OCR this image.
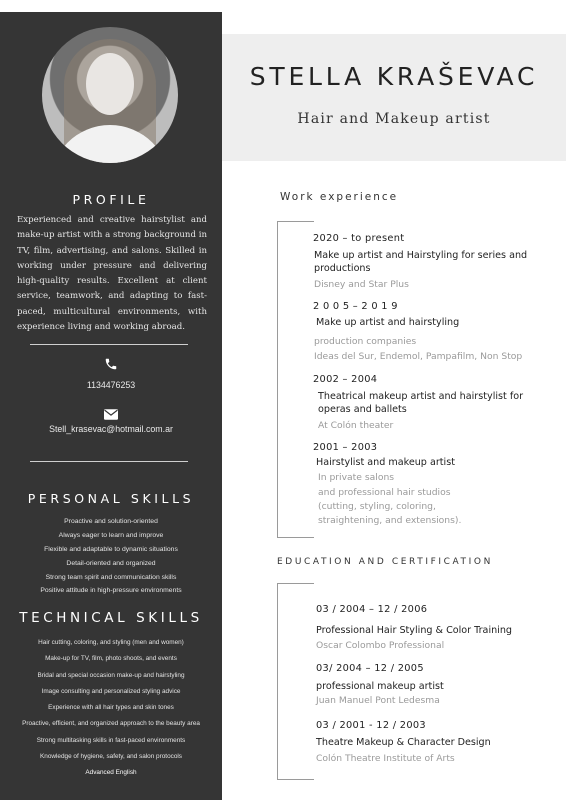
PROFILE

Experienced and creative hairstylist and make-up artist with a strong background in TV, film, advertising, and salons. Skilled in working under pressure and delivering high-quality results. Excellent at client service, teamwork, and adapting to fast-paced, multicultural environments, with experience living and working abroad.

1134476253
Stell_krasevac@hotmail.com.ar
PERSONAL SKILLS
Proactive and solution-oriented
Always eager to learn and improve
Flexible and adaptable to dynamic situations
Detail-oriented and organized
Strong team spirit and communication skills
Positive attitude in high-pressure environments
TECHNICAL SKILLS
Hair cutting, coloring, and styling (men and women)
Make-up for TV, film, photo shoots, and events
Bridal and special occasion make-up and hairstyling
Image consulting and personalized styling advice
Experience with all hair types and skin tones
Proactive, efficient, and organized approach to the beauty area
Strong multitasking skills in fast-paced environments
Knowledge of hygiene, safety, and salon protocols
Advanced English
STELLA KRAŠEVAC
Hair and Makeup artist
Work experience
2020 – to present
Make up artist and Hairstyling for series and
productions
Disney and Star Plus
2 0 0 5 – 2 0 1 9
Make up artist and hairstyling
production companies
Ideas del Sur, Endemol, Pampafilm, Non Stop
2002 – 2004
Theatrical makeup artist and hairstylist for
operas and ballets
At Colón theater
2001 – 2003
Hairstylist and makeup artist
In private salons
and professional hair studios
(cutting, styling, coloring,
straightening, and extensions).
EDUCATION AND CERTIFICATION
03 / 2004 – 12 / 2006
Professional Hair Styling & Color Training
Oscar Colombo Professional
03/ 2004 – 12 / 2005
professional makeup artist
Juan Manuel Pont Ledesma
03 / 2001 - 12 / 2003
Theatre Makeup & Character Design
Colón Theatre Institute of Arts
